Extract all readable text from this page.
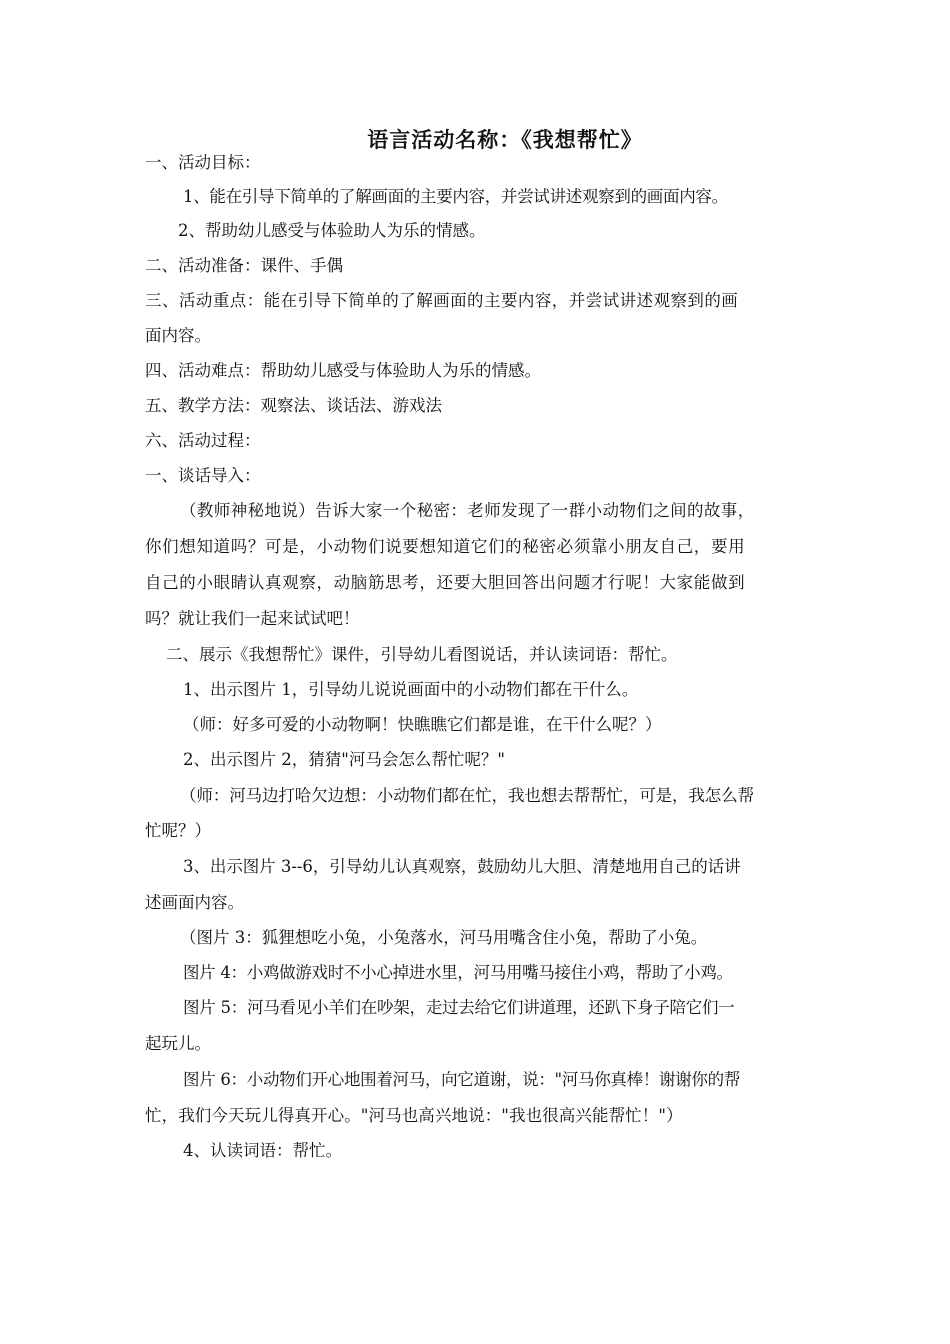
语言活动名称：《我想帮忙》
一、活动目标：
1、能在引导下简单的了解画面的主要内容，并尝试讲述观察到的画面内容。
2、帮助幼儿感受与体验助人为乐的情感。
二、活动准备：课件、手偶
三、活动重点：能在引导下简单的了解画面的主要内容，并尝试讲述观察到的画
面内容。
四、活动难点：帮助幼儿感受与体验助人为乐的情感。
五、教学方法：观察法、谈话法、游戏法
六、活动过程：
一、谈话导入：
（教师神秘地说）告诉大家一个秘密：老师发现了一群小动物们之间的故事，
你们想知道吗？可是，小动物们说要想知道它们的秘密必须靠小朋友自己，要用
自己的小眼睛认真观察，动脑筋思考，还要大胆回答出问题才行呢！大家能做到
吗？就让我们一起来试试吧！
二、展示《我想帮忙》课件，引导幼儿看图说话，并认读词语：帮忙。
1、出示图片 1，引导幼儿说说画面中的小动物们都在干什么。
（师：好多可爱的小动物啊！快瞧瞧它们都是谁，在干什么呢？）
2、出示图片 2，猜猜"河马会怎么帮忙呢？"
（师：河马边打哈欠边想：小动物们都在忙，我也想去帮帮忙，可是，我怎么帮
忙呢？）
3、出示图片 3--6，引导幼儿认真观察，鼓励幼儿大胆、清楚地用自己的话讲
述画面内容。
（图片 3：狐狸想吃小兔，小兔落水，河马用嘴含住小兔，帮助了小兔。
图片 4：小鸡做游戏时不小心掉进水里，河马用嘴马接住小鸡，帮助了小鸡。
图片 5：河马看见小羊们在吵架，走过去给它们讲道理，还趴下身子陪它们一
起玩儿。
图片 6：小动物们开心地围着河马，向它道谢，说："河马你真棒！谢谢你的帮
忙，我们今天玩儿得真开心。"河马也高兴地说："我也很高兴能帮忙！"）
4、认读词语：帮忙。
